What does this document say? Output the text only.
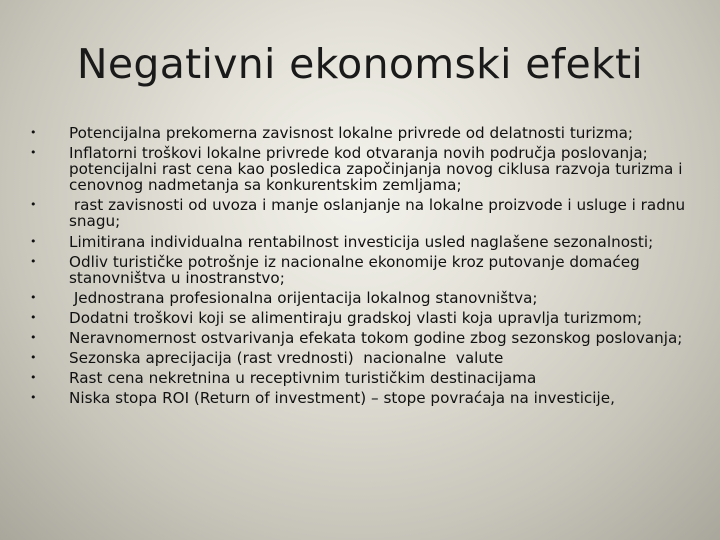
Negativni ekonomski efekti
• Potencijalna prekomerna zavisnost lokalne privrede od delatnosti turizma;
• Inflatorni troškovi lokalne privrede kod otvaranja novih područja poslovanja; potencijalni rast cena kao posledica započinjanja novog ciklusa razvoja turizma i cenovnog nadmetanja sa konkurentskim zemljama;
• rast zavisnosti od uvoza i manje oslanjanje na lokalne proizvode i usluge i radnu snagu;
• Limitirana individualna rentabilnost investicija usled naglašene sezonalnosti;
• Odliv turističke potrošnje iz nacionalne ekonomije kroz putovanje domaćeg stanovništva u inostranstvo;
• Jednostrana profesionalna orijentacija lokalnog stanovništva;
• Dodatni troškovi koji se alimentiraju gradskoj vlasti koja upravlja turizmom;
• Neravnomernost ostvarivanja efekata tokom godine zbog sezonskog poslovanja;
• Sezonska aprecijacija (rast vrednosti)  nacionalne  valute
• Rast cena nekretnina u receptivnim turističkim destinacijama
• Niska stopa ROI (Return of investment) – stope povraćaja na investicije,
